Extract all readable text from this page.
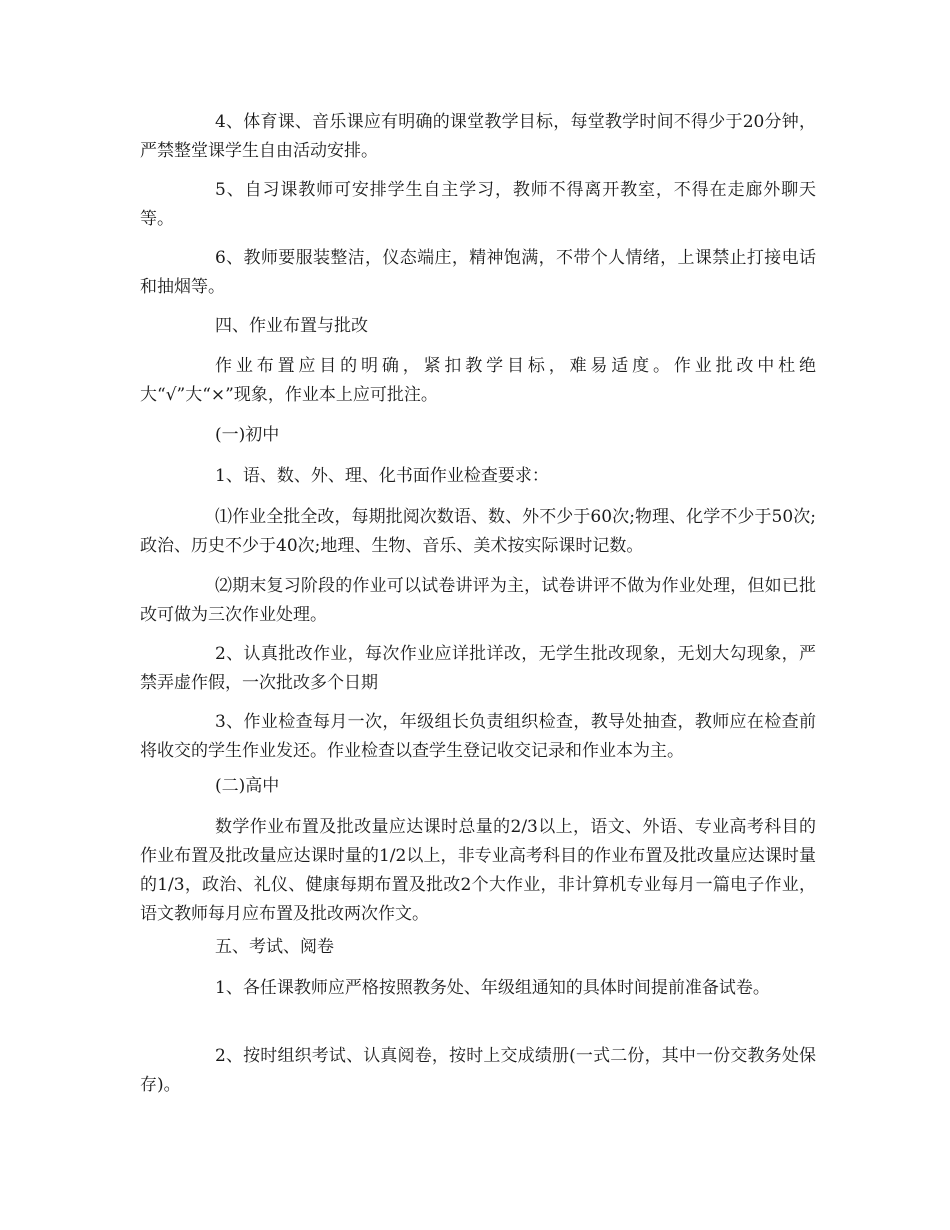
4、体育课、音乐课应有明确的课堂教学目标，每堂教学时间不得少于20分钟，严禁整堂课学生自由活动安排。

5、自习课教师可安排学生自主学习，教师不得离开教室，不得在走廊外聊天等。

6、教师要服装整洁，仪态端庄，精神饱满，不带个人情绪，上课禁止打接电话和抽烟等。

四、作业布置与批改

作业布置应目的明确，紧扣教学目标，难易适度。作业批改中杜绝大“√”大“×”现象，作业本上应可批注。

(一)初中

1、语、数、外、理、化书面作业检查要求：

⑴作业全批全改，每期批阅次数语、数、外不少于60次;物理、化学不少于50次;政治、历史不少于40次;地理、生物、音乐、美术按实际课时记数。

⑵期末复习阶段的作业可以试卷讲评为主，试卷讲评不做为作业处理，但如已批改可做为三次作业处理。

2、认真批改作业，每次作业应详批详改，无学生批改现象，无划大勾现象，严禁弄虚作假，一次批改多个日期

3、作业检查每月一次，年级组长负责组织检查，教导处抽查，教师应在检查前将收交的学生作业发还。作业检查以查学生登记收交记录和作业本为主。

(二)高中

数学作业布置及批改量应达课时总量的2/3以上，语文、外语、专业高考科目的作业布置及批改量应达课时量的1/2以上，非专业高考科目的作业布置及批改量应达课时量的1/3，政治、礼仪、健康每期布置及批改2个大作业，非计算机专业每月一篇电子作业，语文教师每月应布置及批改两次作文。

五、考试、阅卷

1、各任课教师应严格按照教务处、年级组通知的具体时间提前准备试卷。

2、按时组织考试、认真阅卷，按时上交成绩册(一式二份，其中一份交教务处保存)。
